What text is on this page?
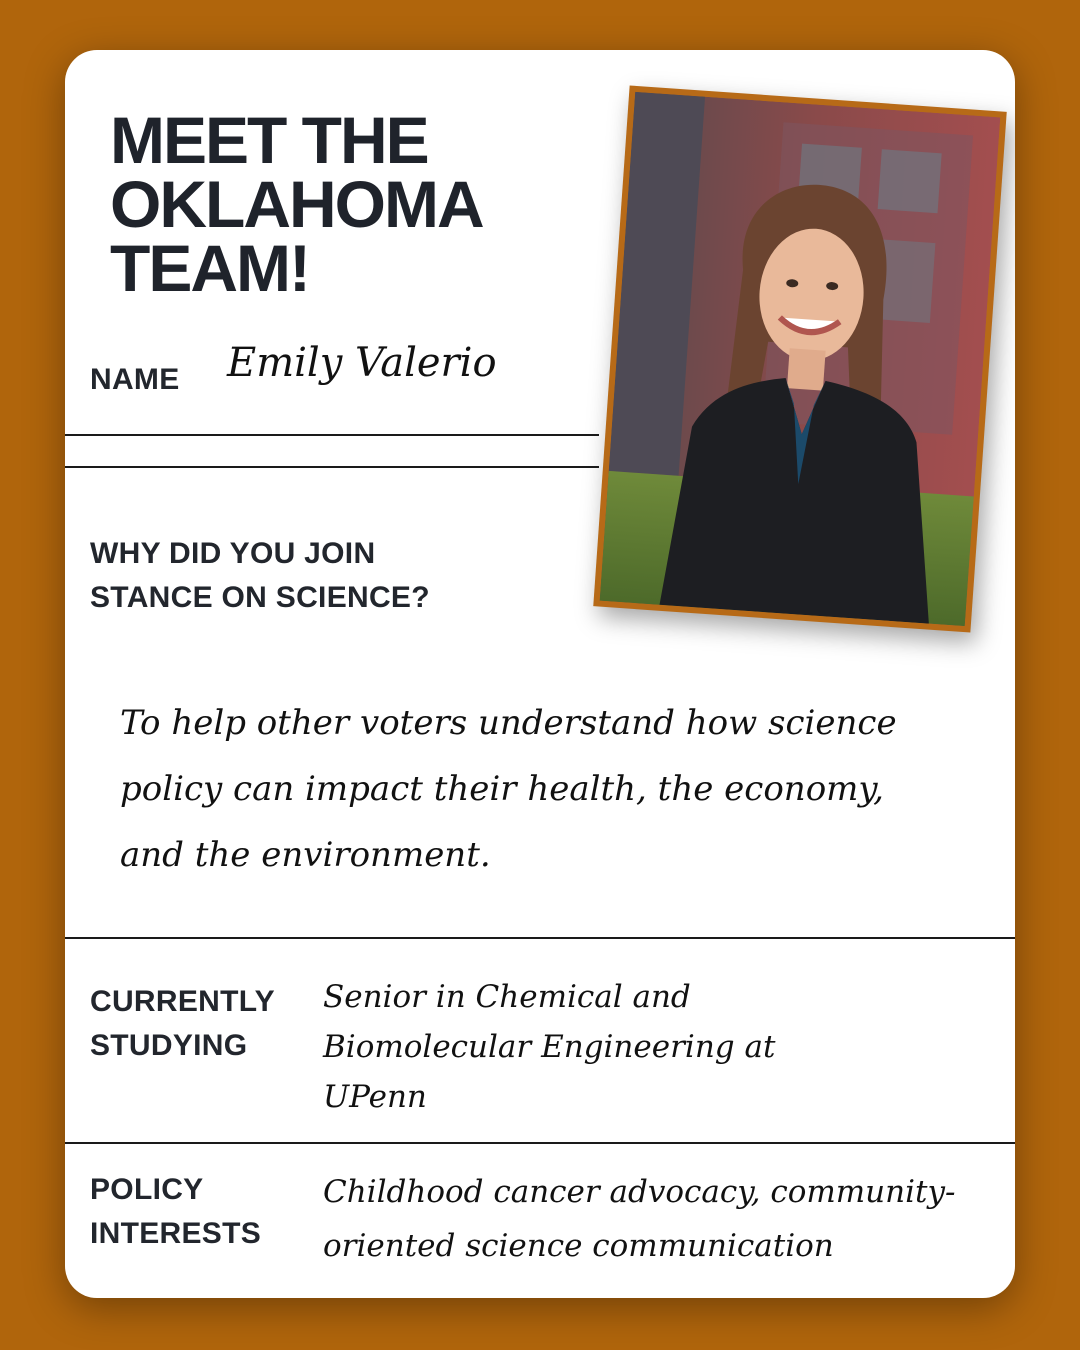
MEET THE
OKLAHOMA
TEAM!
NAME Emily Valerio
WHY DID YOU JOIN
STANCE ON SCIENCE?
To help other voters understand how science policy can impact their health, the economy, and the environment.
CURRENTLY
STUDYING
Senior in Chemical and Biomolecular Engineering at UPenn
POLICY
INTERESTS
Childhood cancer advocacy, community-oriented science communication
